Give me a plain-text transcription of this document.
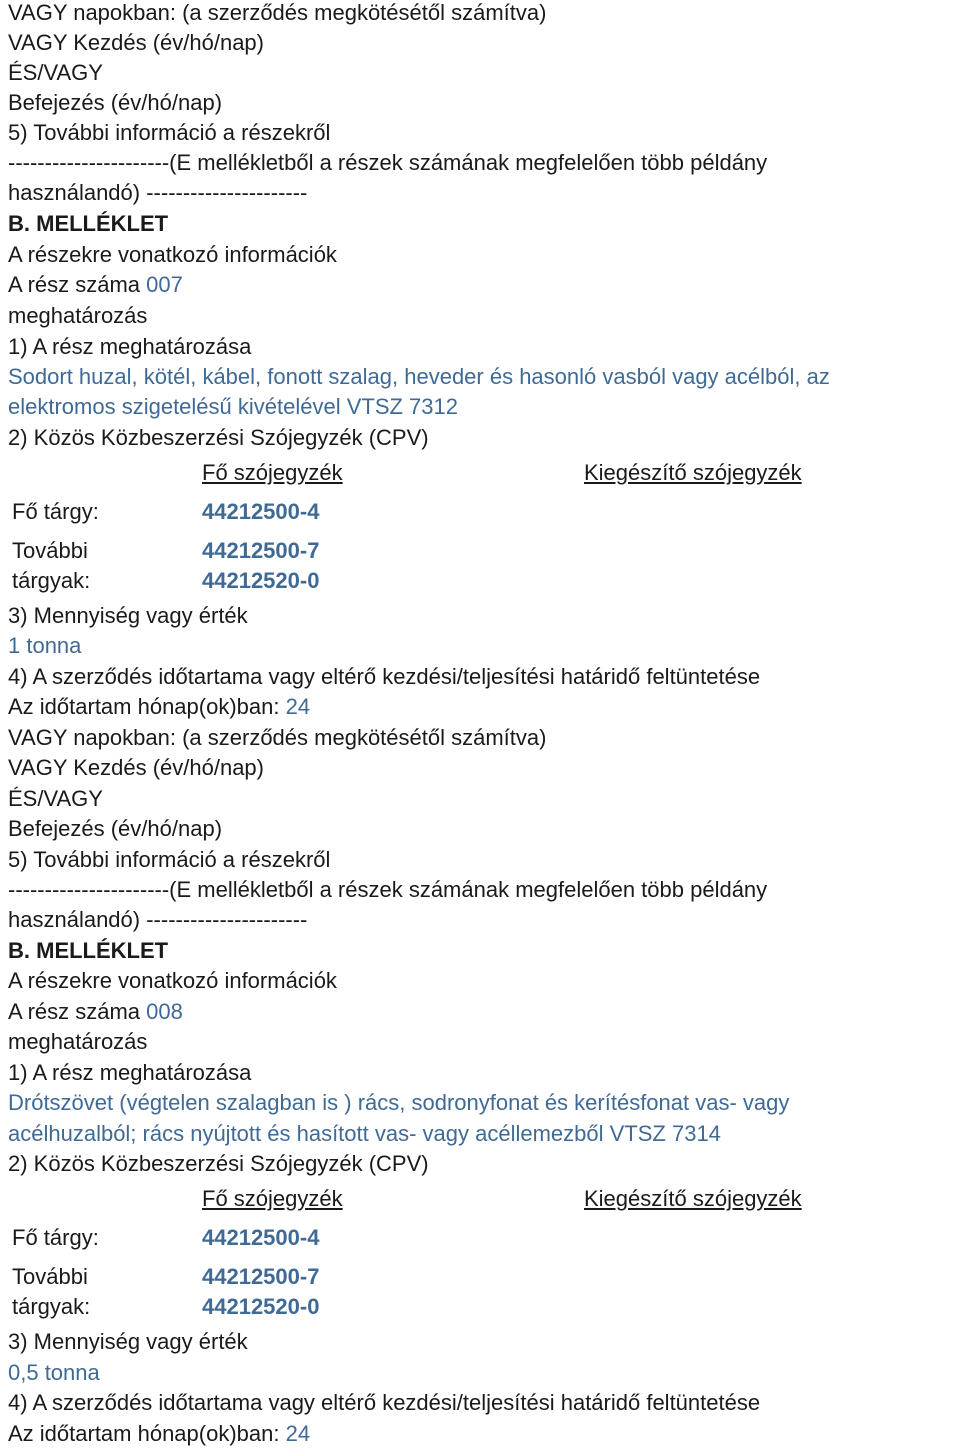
VAGY napokban: (a szerződés megkötésétől számítva)
VAGY Kezdés (év/hó/nap)
ÉS/VAGY
Befejezés (év/hó/nap)
5) További információ a részekről
----------------------(E mellékletből a részek számának megfelelően több példány
használandó) ----------------------
B. MELLÉKLET
A részekre vonatkozó információk
A rész száma 007
meghatározás
1) A rész meghatározása
Sodort huzal, kötél, kábel, fonott szalag, heveder és hasonló vasból vagy acélból, az
elektromos szigetelésű kivételével VTSZ 7312
2) Közös Közbeszerzési Szójegyzék (CPV)
Fő szójegyzék	Kiegészítő szójegyzék
Fő tárgy:	44212500-4
További	44212500-7
tárgyak:	44212520-0
3) Mennyiség vagy érték
1 tonna
4) A szerződés időtartama vagy eltérő kezdési/teljesítési határidő feltüntetése
Az időtartam hónap(ok)ban: 24
VAGY napokban: (a szerződés megkötésétől számítva)
VAGY Kezdés (év/hó/nap)
ÉS/VAGY
Befejezés (év/hó/nap)
5) További információ a részekről
----------------------(E mellékletből a részek számának megfelelően több példány
használandó) ----------------------
B. MELLÉKLET
A részekre vonatkozó információk
A rész száma 008
meghatározás
1) A rész meghatározása
Drótszövet (végtelen szalagban is ) rács, sodronyfonat és kerítésfonat vas- vagy
acélhuzalból; rács nyújtott és hasított vas- vagy acéllemezből VTSZ 7314
2) Közös Közbeszerzési Szójegyzék (CPV)
Fő szójegyzék	Kiegészítő szójegyzék
Fő tárgy:	44212500-4
További	44212500-7
tárgyak:	44212520-0
3) Mennyiség vagy érték
0,5 tonna
4) A szerződés időtartama vagy eltérő kezdési/teljesítési határidő feltüntetése
Az időtartam hónap(ok)ban: 24
